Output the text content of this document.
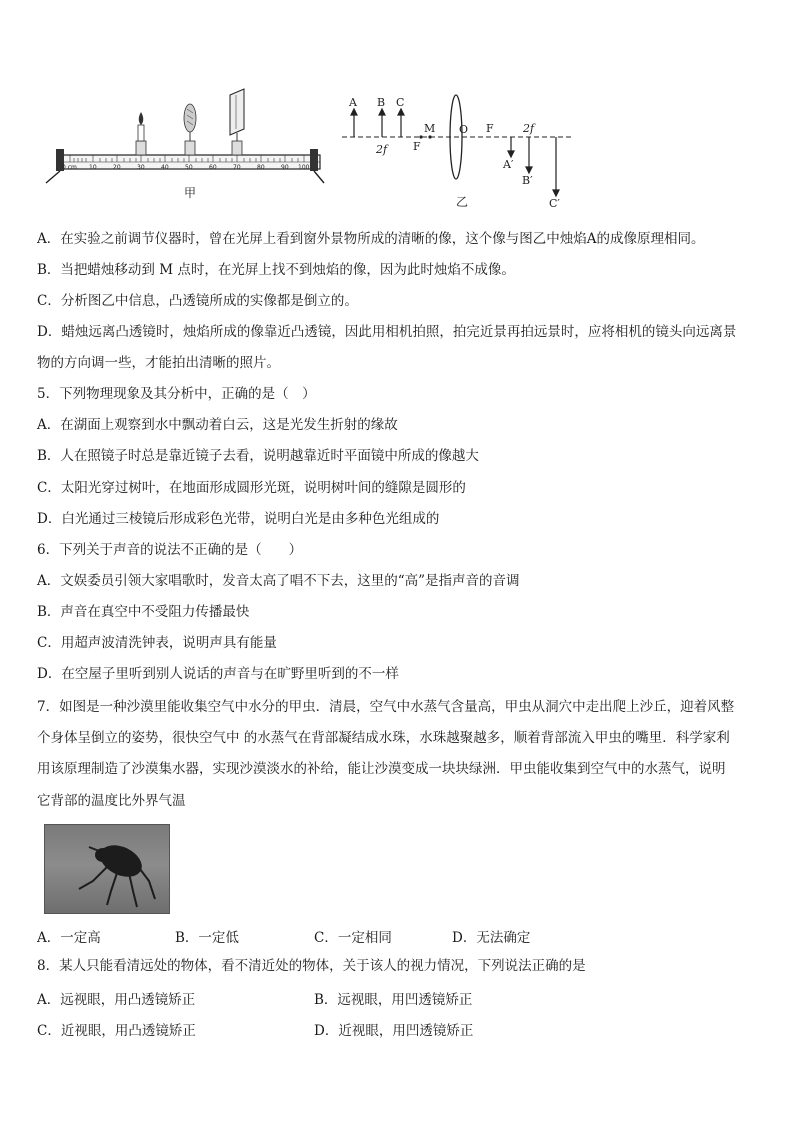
0 cm 10	20	30	40	50	60	70	80	90 100
甲
A B C
2f
M
F
O F	2f
A′
B′
C′
乙
A．在实验之前调节仪器时，曾在光屏上看到窗外景物所成的清晰的像，这个像与图乙中烛焰A的成像原理相同。
B．当把蜡烛移动到 M 点时，在光屏上找不到烛焰的像，因为此时烛焰不成像。
C．分析图乙中信息，凸透镜所成的实像都是倒立的。
D．蜡烛远离凸透镜时，烛焰所成的像靠近凸透镜，因此用相机拍照，拍完近景再拍远景时，应将相机的镜头向远离景
物的方向调一些，才能拍出清晰的照片。
5．下列物理现象及其分析中，正确的是（　）
A．在湖面上观察到水中飘动着白云，这是光发生折射的缘故
B．人在照镜子时总是靠近镜子去看，说明越靠近时平面镜中所成的像越大
C．太阳光穿过树叶，在地面形成圆形光斑，说明树叶间的缝隙是圆形的
D．白光通过三棱镜后形成彩色光带，说明白光是由多种色光组成的
6．下列关于声音的说法不正确的是（　　）
A．文娱委员引领大家唱歌时，发音太高了唱不下去，这里的“高”是指声音的音调
B．声音在真空中不受阻力传播最快
C．用超声波清洗钟表，说明声具有能量
D．在空屋子里听到别人说话的声音与在旷野里听到的不一样
7．如图是一种沙漠里能收集空气中水分的甲虫．清晨，空气中水蒸气含量高，甲虫从洞穴中走出爬上沙丘，迎着风整
个身体呈倒立的姿势，很快空气中 的水蒸气在背部凝结成水珠，水珠越聚越多，顺着背部流入甲虫的嘴里．科学家利
用该原理制造了沙漠集水器，实现沙漠淡水的补给，能让沙漠变成一块块绿洲．甲虫能收集到空气中的水蒸气，说明
它背部的温度比外界气温
A．一定高	B．一定低	C．一定相同	D．无法确定
8．某人只能看清远处的物体，看不清近处的物体，关于该人的视力情况，下列说法正确的是
A．远视眼，用凸透镜矫正	B．远视眼，用凹透镜矫正
C．近视眼，用凸透镜矫正	D．近视眼，用凹透镜矫正
